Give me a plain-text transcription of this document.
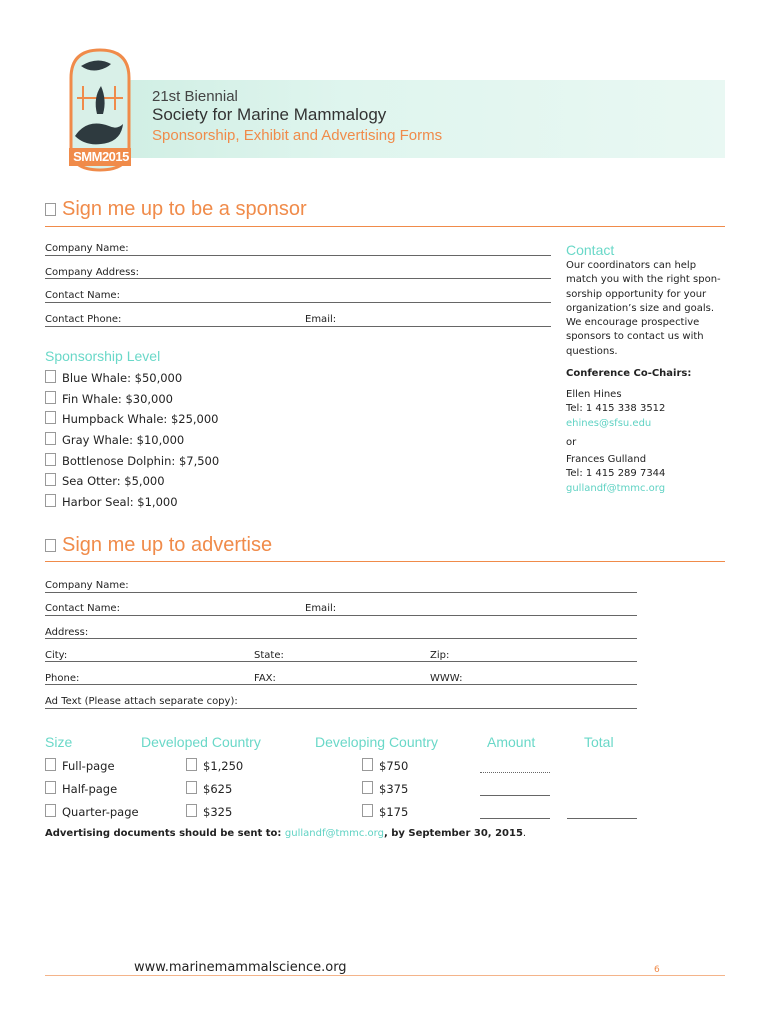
SMM2015
21st Biennial
Society for Marine Mammalogy
Sponsorship, Exhibit and Advertising Forms
Sign me up to be a sponsor
Company Name:
Company Address:
Contact Name:
Contact Phone:	Email:
Sponsorship Level
Blue Whale: $50,000
Fin Whale: $30,000
Humpback Whale: $25,000
Gray Whale: $10,000
Bottlenose Dolphin: $7,500
Sea Otter: $5,000
Harbor Seal: $1,000
Contact
Our coordinators can help
match you with the right spon-
sorship opportunity for your
organization’s size and goals.
We encourage prospective
sponsors to contact us with
questions.
Conference Co-Chairs:
Ellen Hines
Tel: 1 415 338 3512
ehines@sfsu.edu
or
Frances Gulland
Tel: 1 415 289 7344
gullandf@tmmc.org
Sign me up to advertise
Company Name:
Contact Name:	Email:
Address:
City:	State:	Zip:
Phone:	FAX:	WWW:
Ad Text (Please attach separate copy):
Size	Developed Country	Developing Country	Amount	Total
Full-page	$1,250	$750
Half-page	$625	$375
Quarter-page	$325	$175
Advertising documents should be sent to: gullandf@tmmc.org, by September 30, 2015.
www.marinemammalscience.org	6
